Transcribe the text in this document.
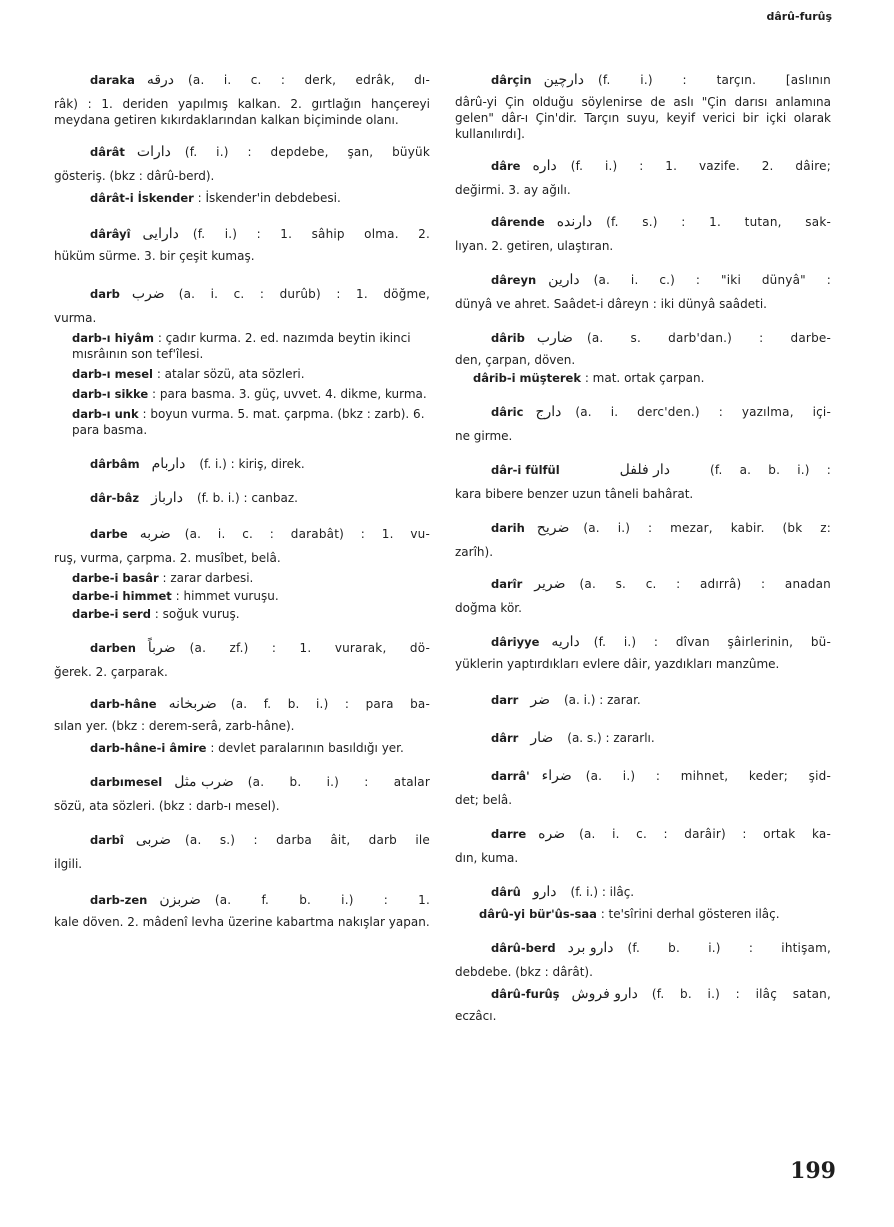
dârû-furûş
daraka درقه (a. i. c. : derk, edrâk, dı-

râk) : 1. deriden yapılmış kalkan. 2. gırtlağın hançereyi meydana getiren kıkırdaklarından kalkan biçiminde olanı.

dârât دارات (f. i.) : depdebe, şan, büyük

gösteriş. (bkz : dârû-berd).

dârât-i İskender : İskender'in debdebesi.

dârâyî دارایی (f. i.) : 1. sâhip olma. 2.

hüküm sürme. 3. bir çeşit kumaş.

darb ضرب (a. i. c. : durûb) : 1. döğme,

vurma.

darb-ı hiyâm : çadır kurma. 2. ed. nazımda beytin ikinci mısrâının son tef'îlesi.

darb-ı mesel : atalar sözü, ata sözleri.

darb-ı sikke : para basma. 3. güç, uvvet. 4. dikme, kurma.

darb-ı unk : boyun vurma. 5. mat. çarpma. (bkz : zarb). 6. para basma.

dârbâm داربام (f. i.) : kiriş, direk.
dâr-bâz دارباز (f. b. i.) : canbaz.
darbe ضربه (a. i. c. : darabât) : 1. vu-

ruş, vurma, çarpma. 2. musîbet, belâ.

darbe-i basâr : zarar darbesi.

darbe-i himmet : himmet vuruşu.

darbe-i serd : soğuk vuruş.

darben ضرباً (a. zf.) : 1. vurarak, dö-

ğerek. 2. çarparak.

darb-hâne ضربخانه (a. f. b. i.) : para ba-

sılan yer. (bkz : derem-serâ, zarb-hâne).

darb-hâne-i âmire : devlet paralarının basıldığı yer.

darbımesel ضرب مثل (a. b. i.) : atalar

sözü, ata sözleri. (bkz : darb-ı mesel).

darbî ضربی (a. s.) : darba âit, darb ile

ilgili.

darb-zen ضربزن (a. f. b. i.) : 1.

kale döven. 2. mâdenî levha üzerine kabartma nakışlar yapan.

dârçin دارچین (f. i.) : tarçın. [aslının

dârû-yi Çin olduğu söylenirse de aslı "Çin darısı anlamına gelen" dâr-ı Çin'dir. Tarçın suyu, keyif verici bir içki olarak kullanılırdı].

dâre داره (f. i.) : 1. vazife. 2. dâire;

değirmi. 3. ay ağılı.

dârende دارنده (f. s.) : 1. tutan, sak-

lıyan. 2. getiren, ulaştıran.

dâreyn دارین (a. i. c.) : "iki dünyâ" :

dünyâ ve ahret. Saâdet-i dâreyn : iki dünyâ saâdeti.

dârib ضارب (a. s. darb'dan.) : darbe-

den, çarpan, döven.

dârib-i müşterek : mat. ortak çarpan.

dâric دارج (a. i. derc'den.) : yazılma, içi-

ne girme.

dâr-i fülfül	دار فلفل	(f. a. b. i.) :

kara bibere benzer uzun tâneli bahârat.

darih ضریح (a. i.) : mezar, kabir. (bk z:

zarîh).

darîr ضریر (a. s. c. : adırrâ) : anadan

doğma kör.

dâriyye داریه (f. i.) : dîvan şâirlerinin, bü-

yüklerin yaptırdıkları evlere dâir, yazdıkları manzûme.

darr ضر (a. i.) : zarar.
dârr ضار (a. s.) : zararlı.
darrâ' ضراء (a. i.) : mihnet, keder; şid-

det; belâ.

darre ضره (a. i. c. : darâir) : ortak ka-

dın, kuma.

dârû دارو (f. i.) : ilâç.

dârû-yi bür'ûs-saa : te'sîrini derhal gösteren ilâç.

dârû-berd دارو برد (f. b. i.) : ihtişam,

debdebe. (bkz : dârât).

dârû-furûş دارو فروش (f. b. i.) : ilâç satan,

eczâcı.

199
